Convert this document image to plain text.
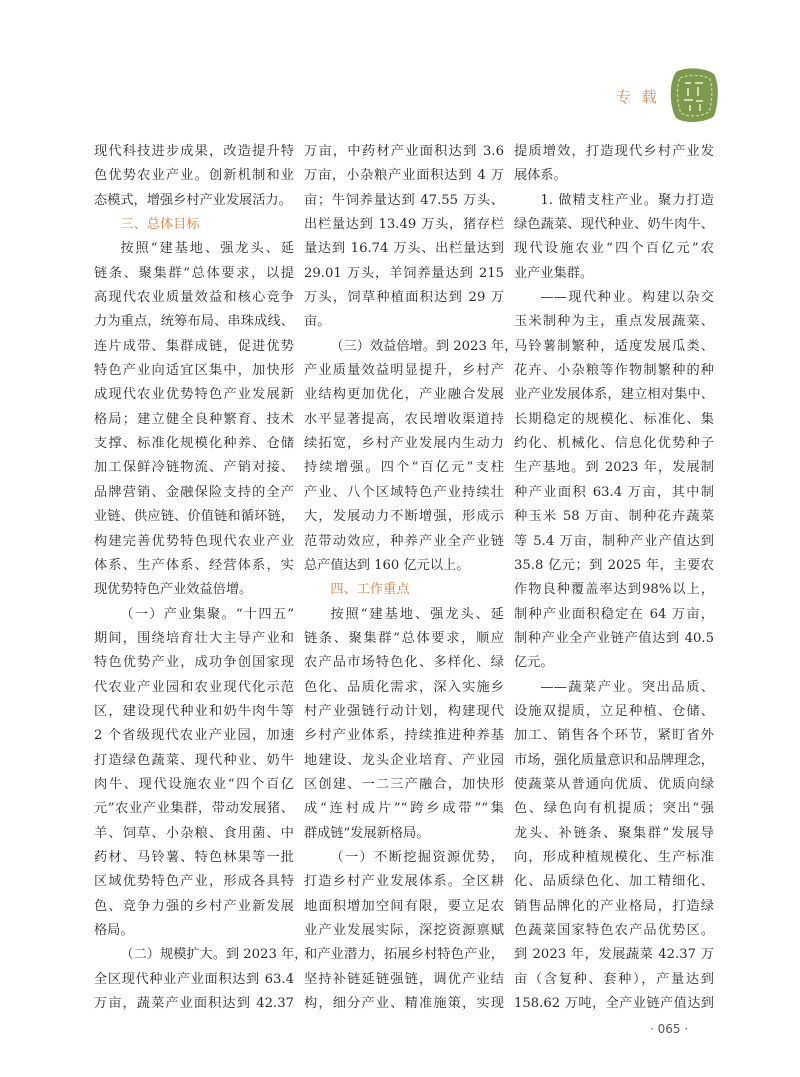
专 载
现代科技进步成果，改造提升特
色优势农业产业。创新机制和业
态模式，增强乡村产业发展活力。
三、总体目标
按照“建基地、强龙头、延
链条、聚集群”总体要求，以提
高现代农业质量效益和核心竞争
力为重点，统筹布局、串珠成线、
连片成带、集群成链，促进优势
特色产业向适宜区集中，加快形
成现代农业优势特色产业发展新
格局；建立健全良种繁育、技术
支撑、标准化规模化种养、仓储
加工保鲜冷链物流、产销对接、
品牌营销、金融保险支持的全产
业链、供应链、价值链和循环链，
构建完善优势特色现代农业产业
体系、生产体系、经营体系，实
现优势特色产业效益倍增。
（一）产业集聚。“十四五”
期间，围绕培育壮大主导产业和
特色优势产业，成功争创国家现
代农业产业园和农业现代化示范
区，建设现代种业和奶牛肉牛等
2 个省级现代农业产业园，加速
打造绿色蔬菜、现代种业、奶牛
肉牛、现代设施农业“四个百亿
元”农业产业集群，带动发展猪、
羊、饲草、小杂粮、食用菌、中
药材、马铃薯、特色林果等一批
区域优势特色产业，形成各具特
色、竞争力强的乡村产业新发展
格局。
（二）规模扩大。到 2023 年，
全区现代种业产业面积达到 63.4
万亩，蔬菜产业面积达到 42.37
万亩，中药材产业面积达到 3.6
万亩，小杂粮产业面积达到 4 万
亩；牛饲养量达到 47.55 万头、
出栏量达到 13.49 万头，猪存栏
量达到 16.74 万头、出栏量达到
29.01 万头，羊饲养量达到 215
万头，饲草种植面积达到 29 万
亩。
（三）效益倍增。到 2023 年，
产业质量效益明显提升，乡村产
业结构更加优化，产业融合发展
水平显著提高，农民增收渠道持
续拓宽，乡村产业发展内生动力
持续增强。四个“百亿元”支柱
产业、八个区域特色产业持续壮
大，发展动力不断增强，形成示
范带动效应，种养产业全产业链
总产值达到 160 亿元以上。
四、工作重点
按照“建基地、强龙头、延
链条、聚集群”总体要求，顺应
农产品市场特色化、多样化、绿
色化、品质化需求，深入实施乡
村产业强链行动计划，构建现代
乡村产业体系，持续推进种养基
地建设、龙头企业培育、产业园
区创建、一二三产融合，加快形
成“连村成片”“跨乡成带”“集
群成链”发展新格局。
（一）不断挖掘资源优势，
打造乡村产业发展体系。全区耕
地面积增加空间有限，要立足农
业产业发展实际，深挖资源禀赋
和产业潜力，拓展乡村特色产业，
坚持补链延链强链，调优产业结
构，细分产业、精准施策，实现
提质增效，打造现代乡村产业发
展体系。
1. 做精支柱产业。聚力打造
绿色蔬菜、现代种业、奶牛肉牛、
现代设施农业“四个百亿元”农
业产业集群。
——现代种业。构建以杂交
玉米制种为主，重点发展蔬菜、
马铃薯制繁种，适度发展瓜类、
花卉、小杂粮等作物制繁种的种
业产业发展体系，建立相对集中、
长期稳定的规模化、标准化、集
约化、机械化、信息化优势种子
生产基地。到 2023 年，发展制
种产业面积 63.4 万亩，其中制
种玉米 58 万亩、制种花卉蔬菜
等 5.4 万亩，制种产业产值达到
35.8 亿元；到 2025 年，主要农
作物良种覆盖率达到98%以上，
制种产业面积稳定在 64 万亩，
制种产业全产业链产值达到 40.5
亿元。
——蔬菜产业。突出品质、
设施双提质，立足种植、仓储、
加工、销售各个环节，紧盯省外
市场，强化质量意识和品牌理念，
使蔬菜从普通向优质、优质向绿
色、绿色向有机提质；突出“强
龙头、补链条、聚集群”发展导
向，形成种植规模化、生产标准
化、品质绿色化、加工精细化、
销售品牌化的产业格局，打造绿
色蔬菜国家特色农产品优势区。
到 2023 年，发展蔬菜 42.37 万
亩（含复种、套种），产量达到
158.62 万吨，全产业链产值达到
· 065 ·
